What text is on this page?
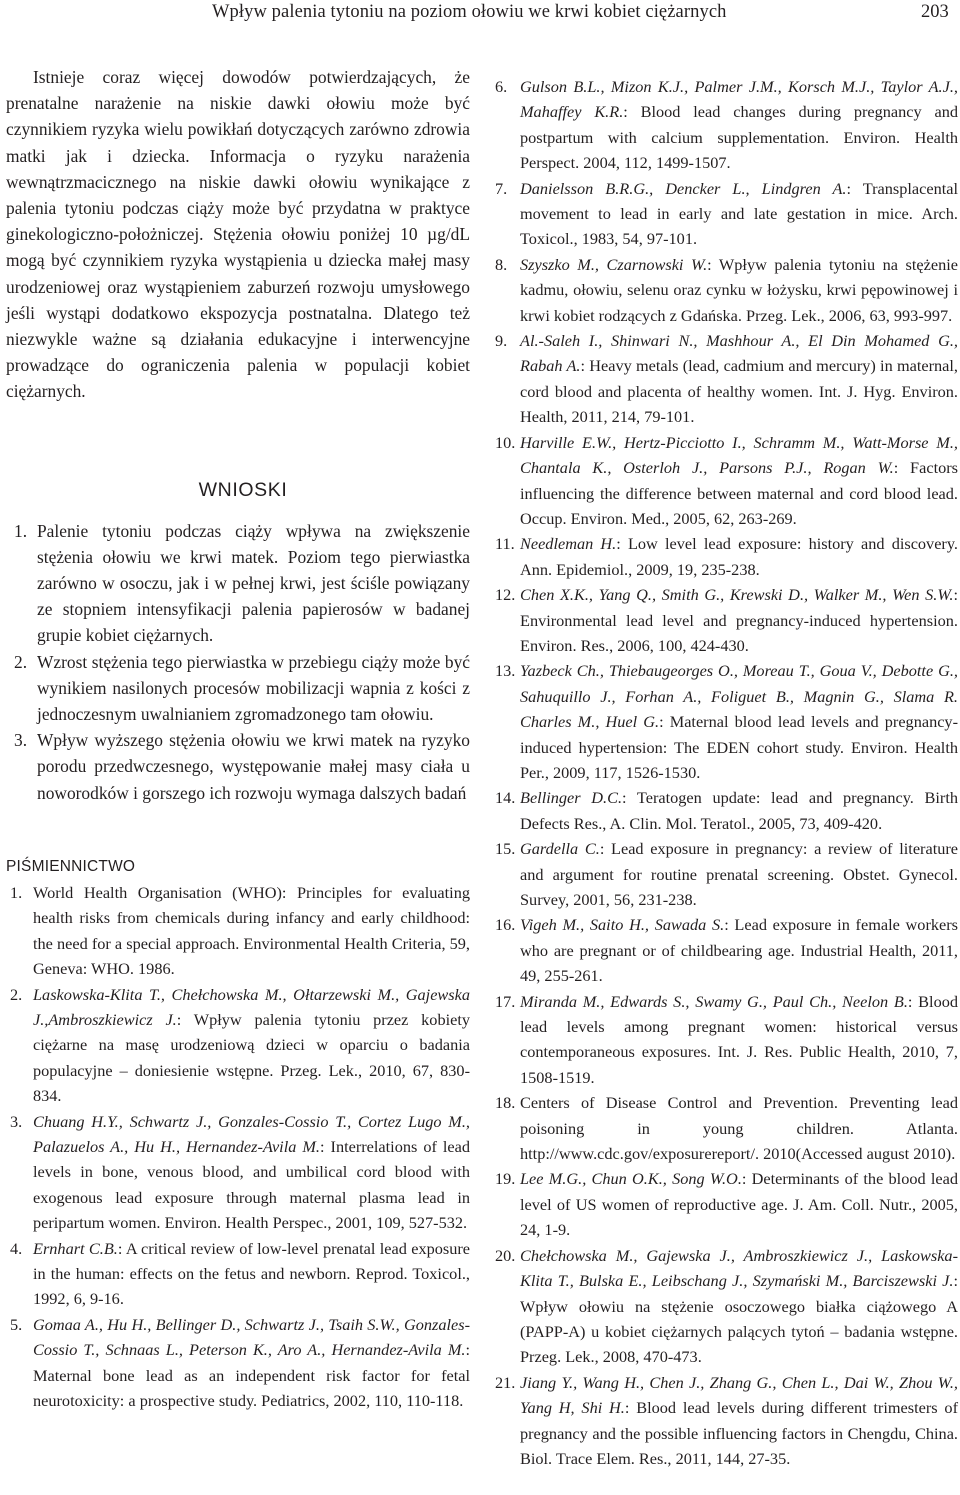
Wpływ palenia tytoniu na poziom ołowiu we krwi kobiet ciężarnych	203

Istnieje coraz więcej dowodów potwierdzających, że prenatalne narażenie na niskie dawki ołowiu może być czynnikiem ryzyka wielu powikłań dotyczących zarówno zdrowia matki jak i dziecka. Informacja o ryzyku narażenia wewnątrzmacicznego na niskie dawki ołowiu wynikające z palenia tytoniu podczas ciąży może być przydatna w praktyce ginekologiczno-położniczej. Stężenia ołowiu poniżej 10 µg/dL mogą być czynnikiem ryzyka wystąpienia u dziecka małej masy urodzeniowej oraz wystąpieniem zaburzeń rozwoju umysłowego jeśli wystąpi dodatkowo ekspozycja postnatalna. Dlatego też niezwykle ważne są działania edukacyjne i interwencyjne prowadzące do ograniczenia palenia w populacji kobiet ciężarnych.

WNIOSKI
1. Palenie tytoniu podczas ciąży wpływa na zwiększenie stężenia ołowiu we krwi matek. Poziom tego pierwiastka zarówno w osoczu, jak i w pełnej krwi, jest ściśle powiązany ze stopniem intensyfikacji palenia papierosów w badanej grupie kobiet ciężarnych.
2. Wzrost stężenia tego pierwiastka w przebiegu ciąży może być wynikiem nasilonych procesów mobilizacji wapnia z kości z jednoczesnym uwalnianiem zgromadzonego tam ołowiu.
3. Wpływ wyższego stężenia ołowiu we krwi matek na ryzyko porodu przedwczesnego, występowanie małej masy ciała u noworodków i gorszego ich rozwoju wymaga dalszych badań
PIŚMIENNICTWO
1. World Health Organisation (WHO): Principles for evaluating health risks from chemicals during infancy and early childhood: the need for a special approach. Environmental Health Criteria, 59, Geneva: WHO. 1986.
2. Laskowska-Klita T., Chełchowska M., Ołtarzewski M., Gajewska J.,Ambroszkiewicz J.: Wpływ palenia tytoniu przez kobiety ciężarne na masę urodzeniową dzieci w oparciu o badania populacyjne – doniesienie wstępne. Przeg. Lek., 2010, 67, 830-834.
3. Chuang H.Y., Schwartz J., Gonzales-Cossio T., Cortez Lugo M., Palazuelos A., Hu H., Hernandez-Avila M.: Interrelations of lead levels in bone, venous blood, and umbilical cord blood with exogenous lead exposure through maternal plasma lead in peripartum women. Environ. Health Perspec., 2001, 109, 527-532.
4. Ernhart C.B.: A critical review of low-level prenatal lead exposure in the human: effects on the fetus and newborn. Reprod. Toxicol., 1992, 6, 9-16.
5. Gomaa A., Hu H., Bellinger D., Schwartz J., Tsaih S.W., Gonzales-Cossio T., Schnaas L., Peterson K., Aro A., Hernandez-Avila M.: Maternal bone lead as an independent risk factor for fetal neurotoxicity: a prospective study. Pediatrics, 2002, 110, 110-118.
6. Gulson B.L., Mizon K.J., Palmer J.M., Korsch M.J., Taylor A.J., Mahaffey K.R.: Blood lead changes during pregnancy and postpartum with calcium supplementation. Environ. Health Perspect. 2004, 112, 1499-1507.
7. Danielsson B.R.G., Dencker L., Lindgren A.: Transplacental movement to lead in early and late gestation in mice. Arch. Toxicol., 1983, 54, 97-101.
8. Szyszko M., Czarnowski W.: Wpływ palenia tytoniu na stężenie kadmu, ołowiu, selenu oraz cynku w łożysku, krwi pępowinowej i krwi kobiet rodzących z Gdańska. Przeg. Lek., 2006, 63, 993-997.
9. Al.-Saleh I., Shinwari N., Mashhour A., El Din Mohamed G., Rabah A.: Heavy metals (lead, cadmium and mercury) in maternal, cord blood and placenta of healthy women. Int. J. Hyg. Environ. Health, 2011, 214, 79-101.
10. Harville E.W., Hertz-Picciotto I., Schramm M., Watt-Morse M., Chantala K., Osterloh J., Parsons P.J., Rogan W.: Factors influencing the difference between maternal and cord blood lead. Occup. Environ. Med., 2005, 62, 263-269.
11. Needleman H.: Low level lead exposure: history and discovery. Ann. Epidemiol., 2009, 19, 235-238.
12. Chen X.K., Yang Q., Smith G., Krewski D., Walker M., Wen S.W.: Environmental lead level and pregnancy-induced hypertension. Environ. Res., 2006, 100, 424-430.
13. Yazbeck Ch., Thiebaugeorges O., Moreau T., Goua V., Debotte G., Sahuquillo J., Forhan A., Foliguet B., Magnin G., Slama R. Charles M., Huel G.: Maternal blood lead levels and pregnancy-induced hypertension: The EDEN cohort study. Environ. Health Per., 2009, 117, 1526-1530.
14. Bellinger D.C.: Teratogen update: lead and pregnancy. Birth Defects Res., A. Clin. Mol. Teratol., 2005, 73, 409-420.
15. Gardella C.: Lead exposure in pregnancy: a review of literature and argument for routine prenatal screening. Obstet. Gynecol. Survey, 2001, 56, 231-238.
16. Vigeh M., Saito H., Sawada S.: Lead exposure in female workers who are pregnant or of childbearing age. Industrial Health, 2011, 49, 255-261.
17. Miranda M., Edwards S., Swamy G., Paul Ch., Neelon B.: Blood lead levels among pregnant women: historical versus contemporaneous exposures. Int. J. Res. Public Health, 2010, 7, 1508-1519.
18. Centers of Disease Control and Prevention. Preventing lead poisoning in young children. Atlanta. http://www.cdc.gov/exposurereport/. 2010(Accessed august 2010).
19. Lee M.G., Chun O.K., Song W.O.: Determinants of the blood lead level of US women of reproductive age. J. Am. Coll. Nutr., 2005, 24, 1-9.
20. Chełchowska M., Gajewska J., Ambroszkiewicz J., Laskowska-Klita T., Bulska E., Leibschang J., Szymański M., Barciszewski J.: Wpływ ołowiu na stężenie osoczowego białka ciążowego A (PAPP-A) u kobiet ciężarnych palących tytoń – badania wstępne. Przeg. Lek., 2008, 470-473.
21. Jiang Y., Wang H., Chen J., Zhang G., Chen L., Dai W., Zhou W., Yang H, Shi H.: Blood lead levels during different trimesters of pregnancy and the possible influencing factors in Chengdu, China. Biol. Trace Elem. Res., 2011, 144, 27-35.
